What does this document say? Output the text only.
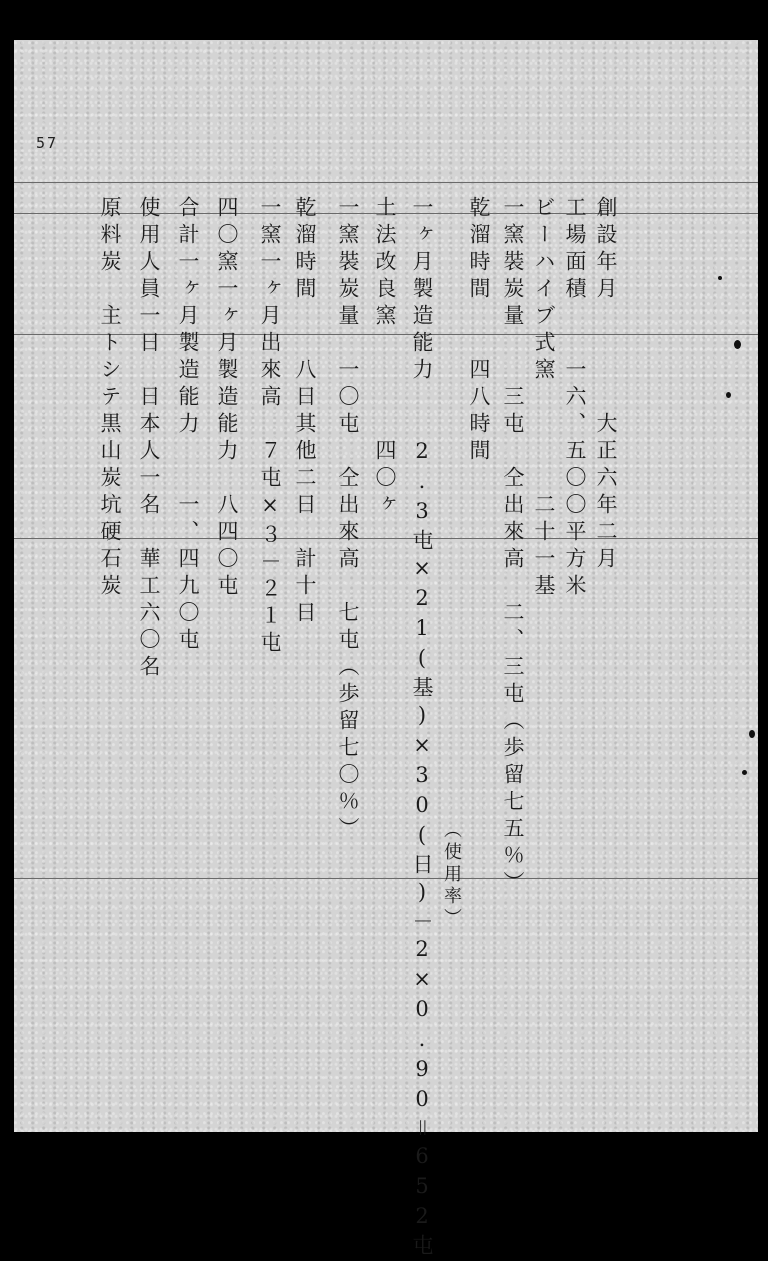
57
創設年月　　　　大正六年二月
工場面積　　一六、五〇〇平方米
ビーハイブ式窯　　　　二十一基
一窯裝炭量　　三屯　仝出來高　二、三屯（歩留七五％）
乾溜時間　　四八時間
一ヶ月製造能力　　2.3屯×21(基)×30(日)－2×0.90＝652屯
土法改良窯　　　　四〇ヶ
一窯裝炭量　一〇屯　仝出來高　七屯（歩留七〇％）
乾溜時間　　八日其他二日　計十日
一窯一ヶ月出來高　７屯×３－２１屯
四〇窯一ヶ月製造能力　八四〇屯
合計一ヶ月製造能力　　一、四九〇屯
使用人員一日　日本人一名　華工六〇名
原料炭　主トシテ黒山炭坑硬石炭
（使用率）
